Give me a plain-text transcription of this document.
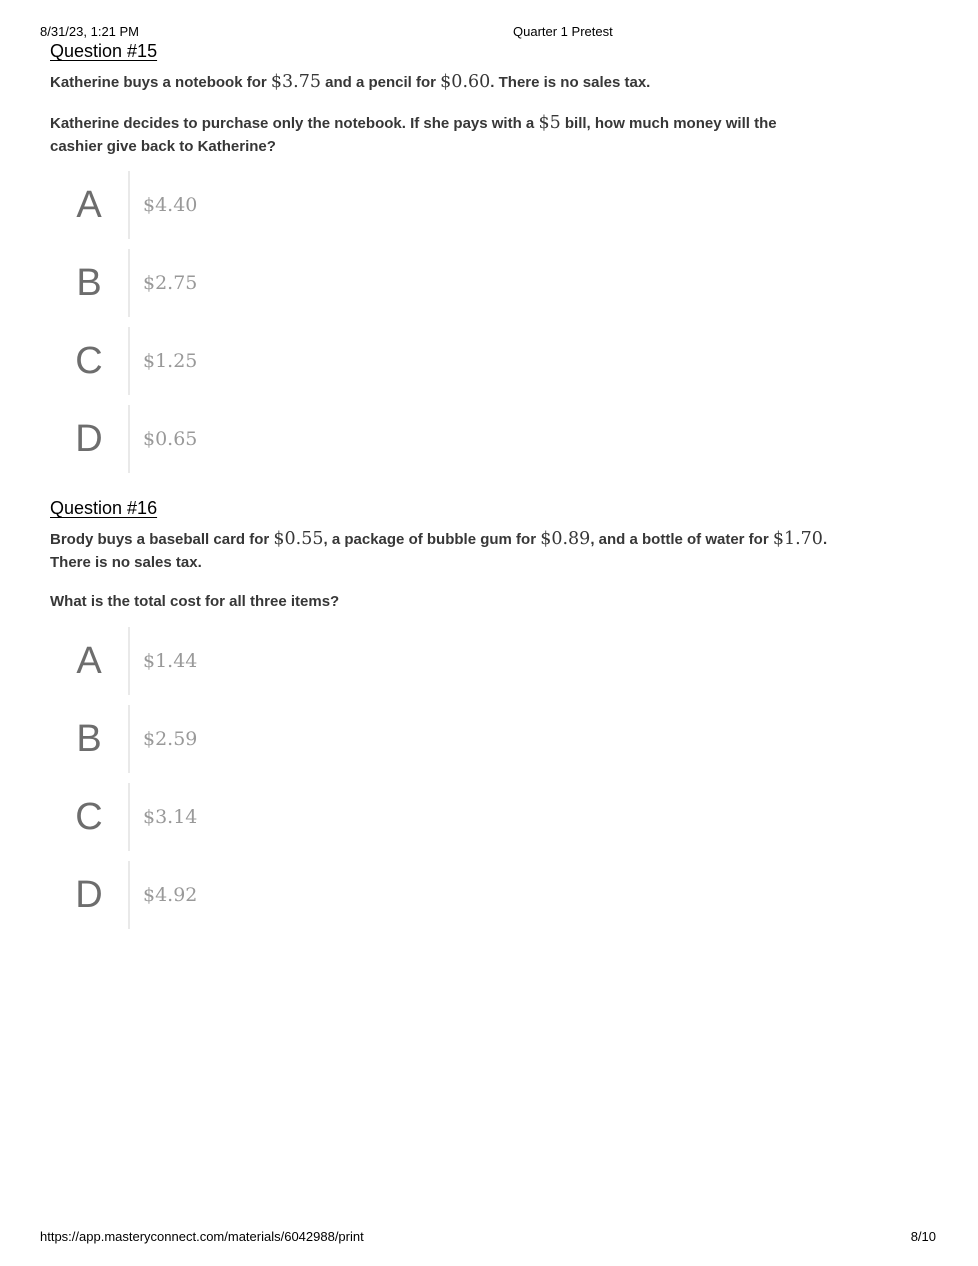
8/31/23, 1:21 PM	Quarter 1 Pretest
Question #15
Katherine buys a notebook for $3.75 and a pencil for $0.60. There is no sales tax.
Katherine decides to purchase only the notebook. If she pays with a $5 bill, how much money will the
cashier give back to Katherine?
A	$4.40
B	$2.75
C	$1.25
D	$0.65
Question #16
Brody buys a baseball card for $0.55, a package of bubble gum for $0.89, and a bottle of water for $1.70.
There is no sales tax.
What is the total cost for all three items?
A	$1.44
B	$2.59
C	$3.14
D	$4.92
https://app.masteryconnect.com/materials/6042988/print	8/10
